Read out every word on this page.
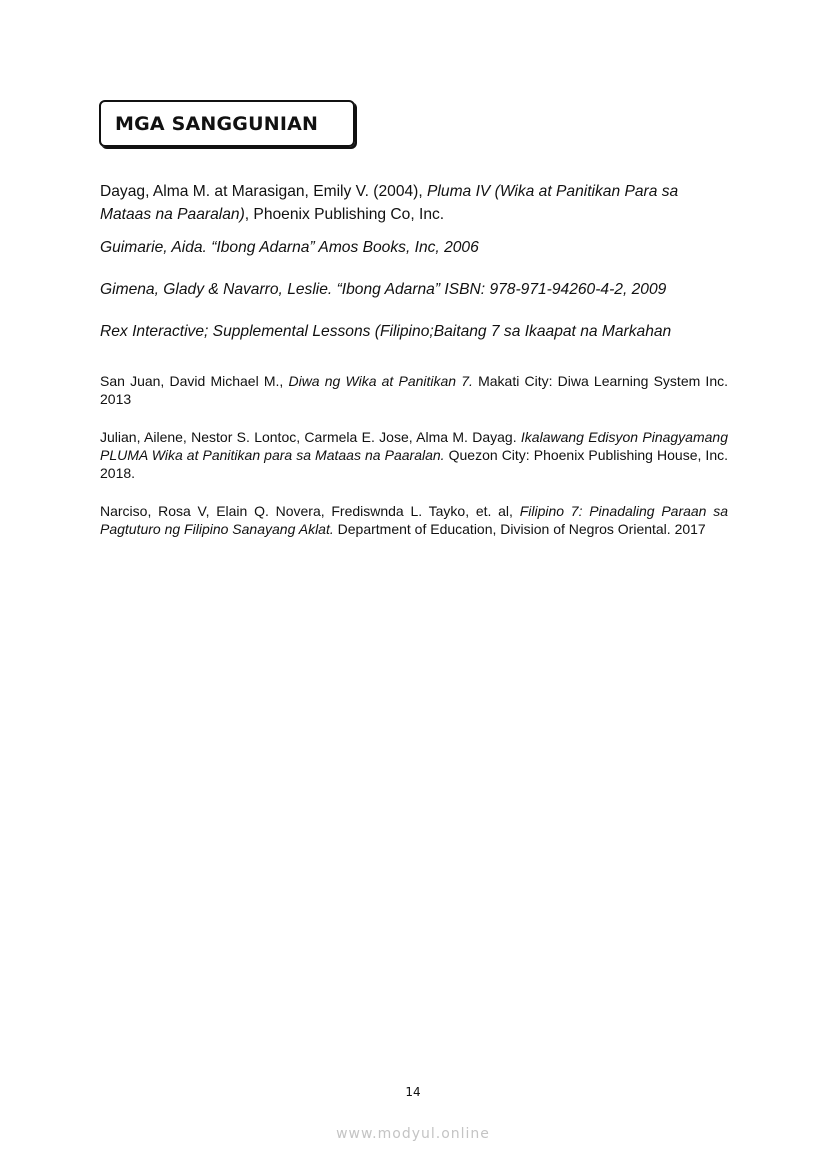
MGA SANGGUNIAN

Dayag, Alma M. at Marasigan, Emily V. (2004), Pluma IV (Wika at Panitikan Para sa Mataas na Paaralan), Phoenix Publishing Co, Inc.

Guimarie, Aida. “Ibong Adarna” Amos Books, Inc, 2006

Gimena, Glady & Navarro, Leslie. “Ibong Adarna” ISBN: 978-971-94260-4-2, 2009

Rex Interactive; Supplemental Lessons (Filipino;Baitang 7 sa Ikaapat na Markahan

San Juan, David Michael M., Diwa ng Wika at Panitikan 7. Makati City: Diwa Learning System Inc. 2013

Julian, Ailene, Nestor S. Lontoc, Carmela E. Jose, Alma M. Dayag. Ikalawang Edisyon Pinagyamang PLUMA Wika at Panitikan para sa Mataas na Paaralan. Quezon City: Phoenix Publishing House, Inc. 2018.

Narciso, Rosa V, Elain Q. Novera, Frediswnda L. Tayko, et. al, Filipino 7: Pinadaling Paraan sa Pagtuturo ng Filipino Sanayang Aklat. Department of Education, Division of Negros Oriental. 2017

14
www.modyul.online
